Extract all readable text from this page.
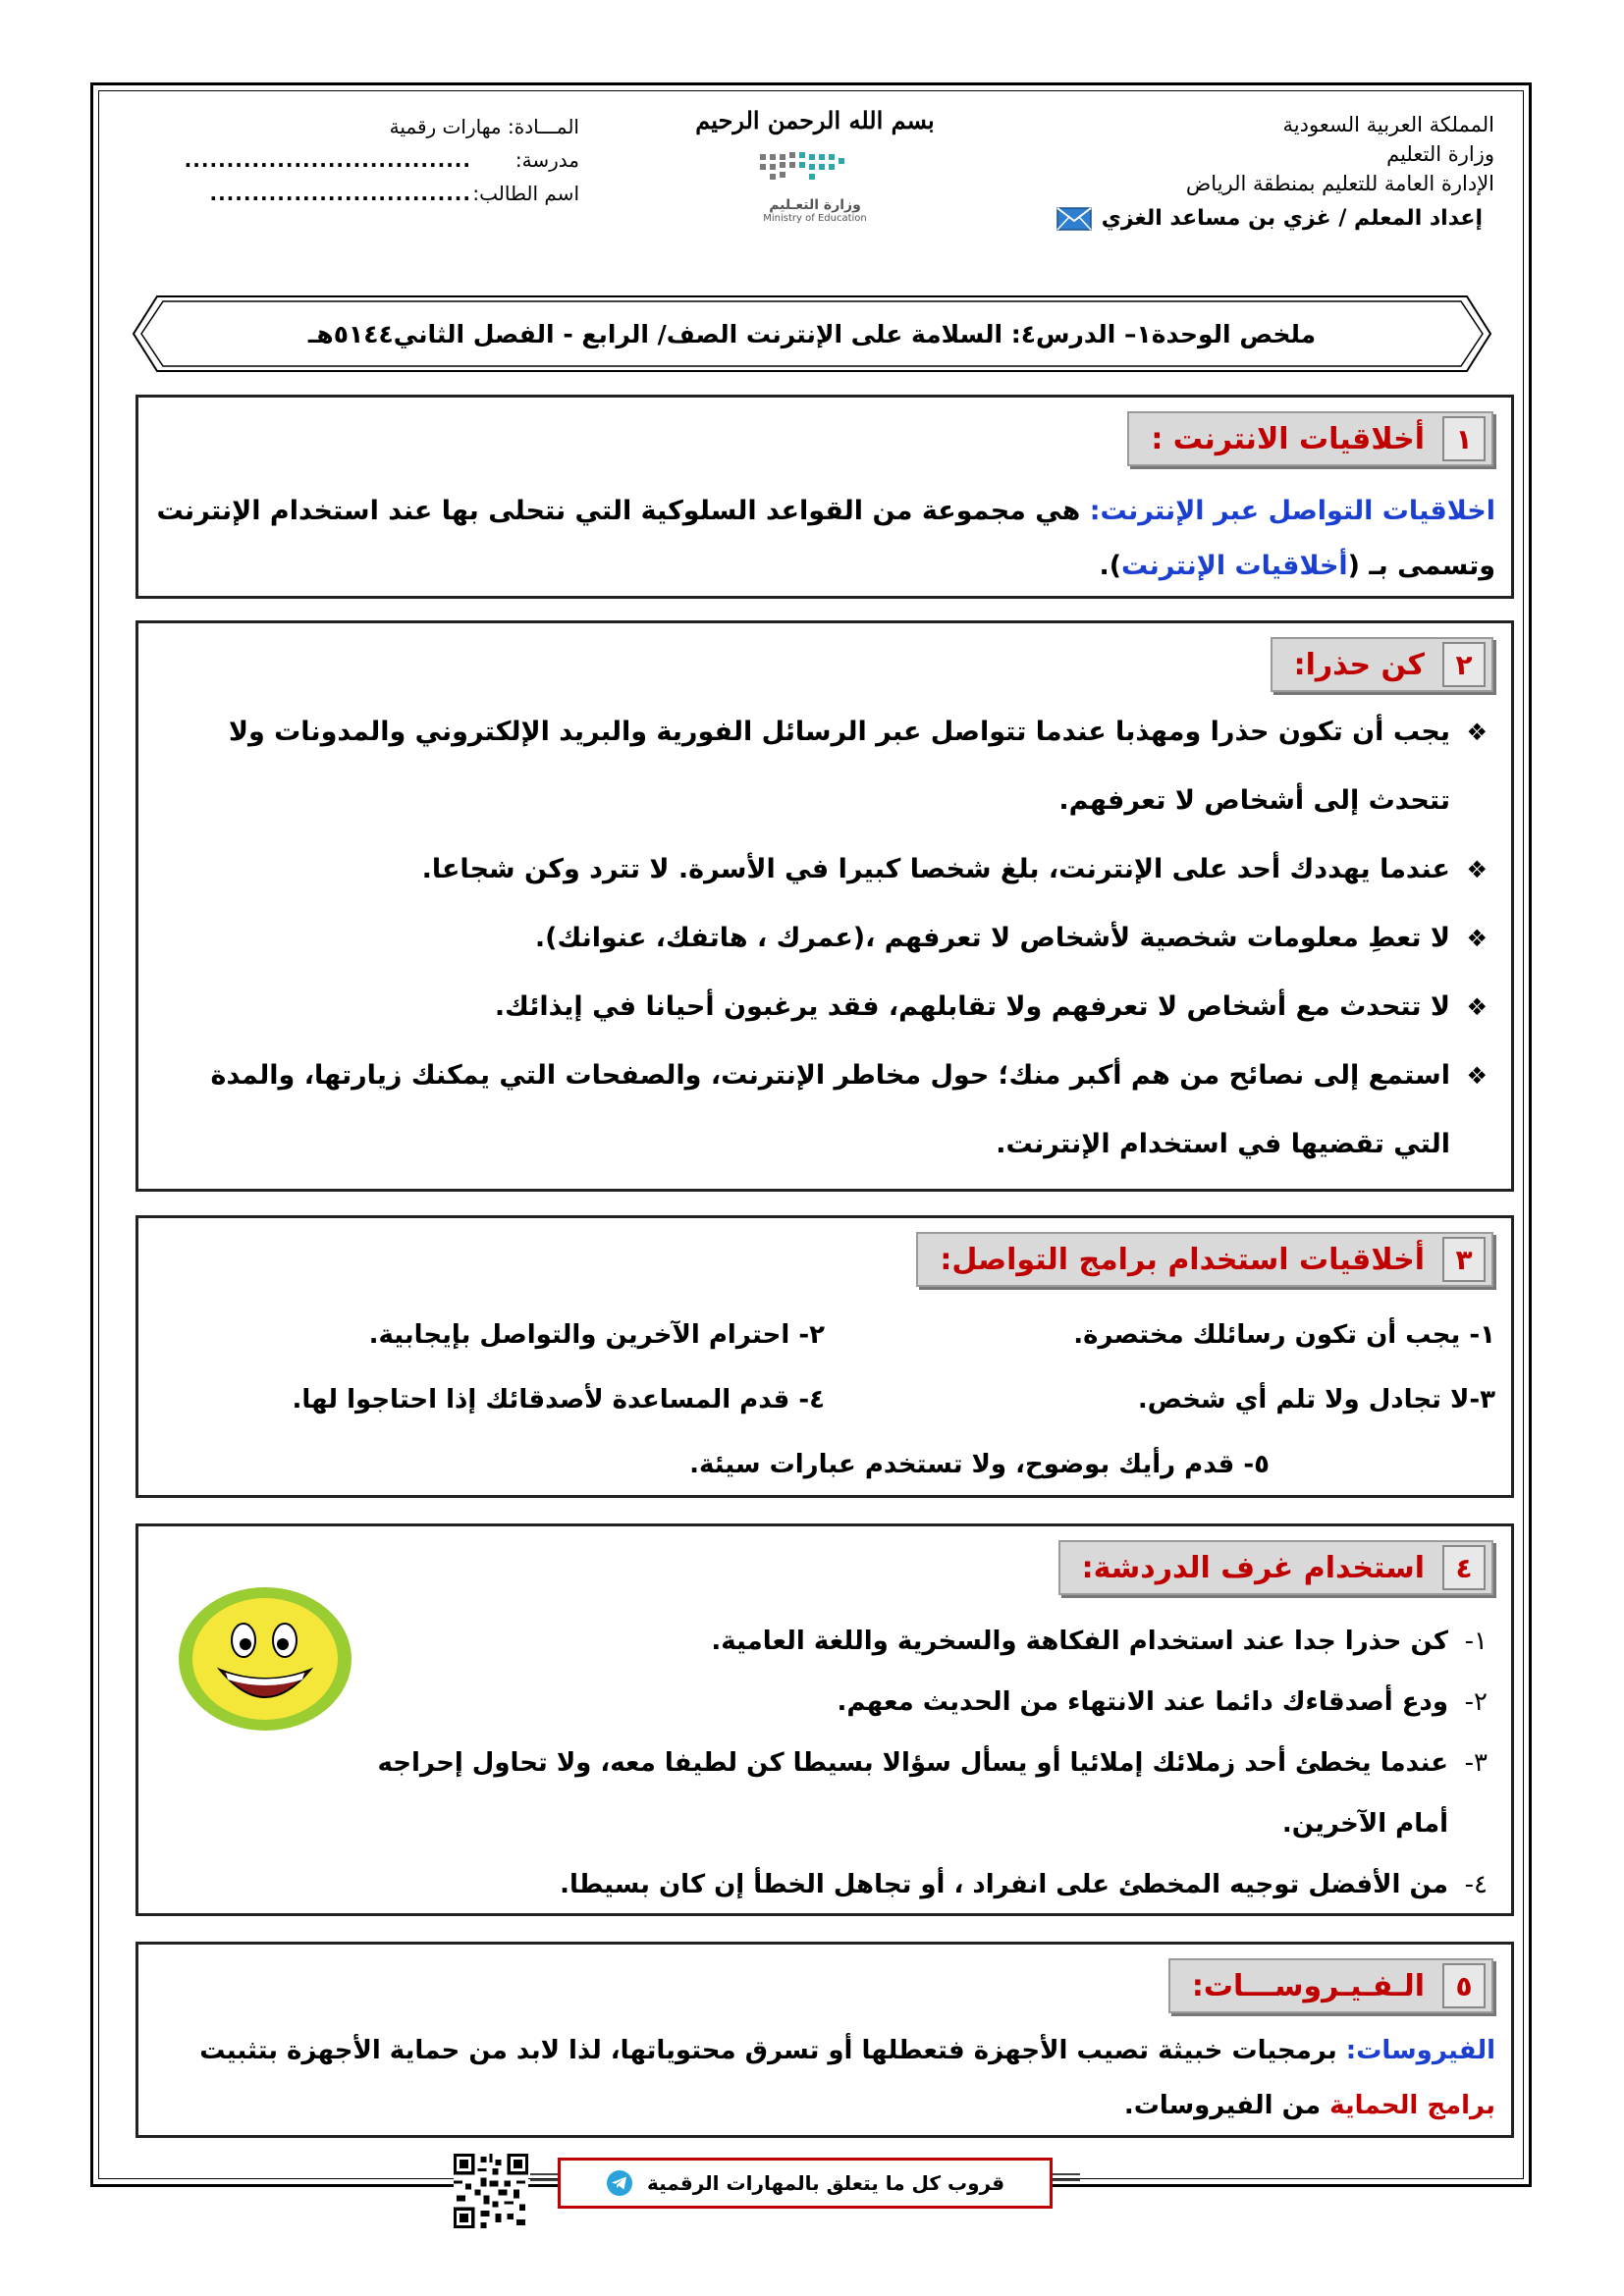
المملكة العربية السعودية
وزارة التعليم
الإدارة العامة للتعليم بمنطقة الرياض
إعداد المعلم / غزي بن مساعد الغزي
بسم الله الرحمن الرحيم
وزارة التعـليم
Ministry of Education
المـــادة: مهارات رقمية
مدرسة:
..................................
اسم الطالب:
...............................
ملخص الوحدة١– الدرس٤: السلامة على الإنترنت الصف/ الرابع - الفصل الثاني٥١٤٤هـ
١
أخلاقيات الانترنت :
اخلاقيات التواصل عبر الإنترنت: هي مجموعة من القواعد السلوكية التي نتحلى بها عند استخدام الإنترنت وتسمى بـ (أخلاقيات الإنترنت).
٢
كن حذرا:
❖
يجب أن تكون حذرا ومهذبا عندما تتواصل عبر الرسائل الفورية والبريد الإلكتروني والمدونات ولا تتحدث إلى أشخاص لا تعرفهم.
❖
عندما يهددك أحد على الإنترنت، بلغ شخصا كبيرا في الأسرة. لا تترد وكن شجاعا.
❖
لا تعطِ معلومات شخصية لأشخاص لا تعرفهم ،(عمرك ، هاتفك، عنوانك).
❖
لا تتحدث مع أشخاص لا تعرفهم ولا تقابلهم، فقد يرغبون أحيانا في إيذائك.
❖
استمع إلى نصائح من هم أكبر منك؛ حول مخاطر الإنترنت، والصفحات التي يمكنك زيارتها، والمدة التي تقضيها في استخدام الإنترنت.
٣
أخلاقيات استخدام برامج التواصل:
١- يجب أن تكون رسائلك مختصرة.
٢- احترام الآخرين والتواصل بإيجابية.
٣-لا تجادل ولا تلم أي شخص.
٤- قدم المساعدة لأصدقائك إذا احتاجوا لها.
٥- قدم رأيك بوضوح، ولا تستخدم عبارات سيئة.
٤
استخدام غرف الدردشة:
١-
كن حذرا جدا عند استخدام الفكاهة والسخرية واللغة العامية.
٢-
ودع أصدقاءك دائما عند الانتهاء من الحديث معهم.
٣-
عندما يخطئ أحد زملائك إملائيا أو يسأل سؤالا بسيطا كن لطيفا معه، ولا تحاول إحراجه أمام الآخرين.
٤-
من الأفضل توجيه المخطئ على انفراد ، أو تجاهل الخطأ إن كان بسيطا.
٥
الـفـيـروســـات:
الفيروسات: برمجيات خبيثة تصيب الأجهزة فتعطلها أو تسرق محتوياتها، لذا لابد من حماية الأجهزة بتثبيت برامج الحماية من الفيروسات.
قروب كل ما يتعلق بالمهارات الرقمية
